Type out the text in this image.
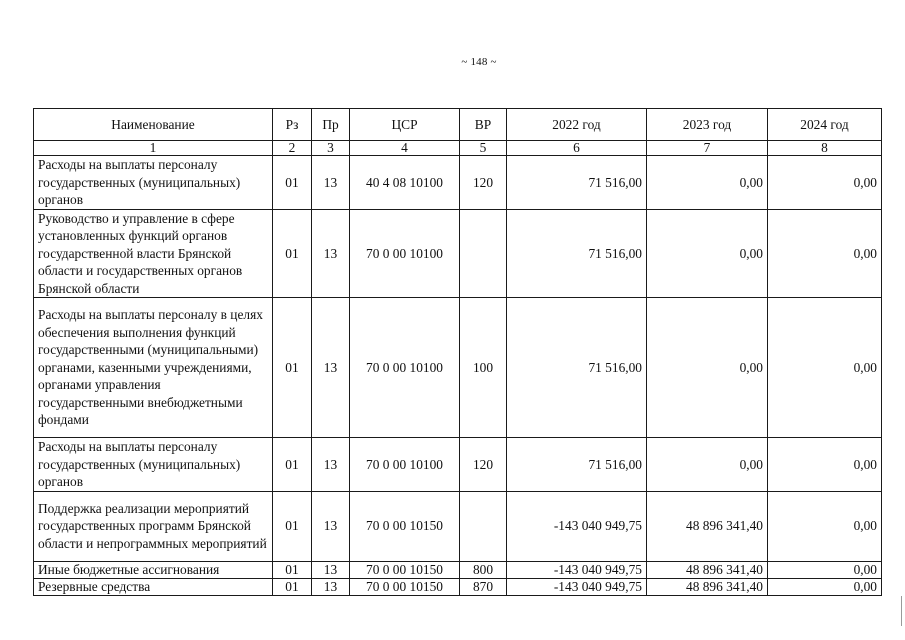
~ 148 ~
Наименование	Рз	Пр	ЦСР	ВР	2022 год	2023 год	2024 год
1	2	3	4	5	6	7	8
Расходы на выплаты персоналу государственных (муниципальных) органов	01	13	40 4 08 10100	120	71 516,00	0,00	0,00
Руководство и управление в сфере установленных функций органов государственной власти Брянской области и государственных органов Брянской области	01	13	70 0 00 10100		71 516,00	0,00	0,00
Расходы на выплаты персоналу в целях обеспечения выполнения функций государственными (муниципальными) органами, казенными учреждениями, органами управления государственными внебюджетными фондами	01	13	70 0 00 10100	100	71 516,00	0,00	0,00
Расходы на выплаты персоналу государственных (муниципальных) органов	01	13	70 0 00 10100	120	71 516,00	0,00	0,00
Поддержка реализации мероприятий государственных программ Брянской области и непрограммных мероприятий	01	13	70 0 00 10150		-143 040 949,75	48 896 341,40	0,00
Иные бюджетные ассигнования	01	13	70 0 00 10150	800	-143 040 949,75	48 896 341,40	0,00
Резервные средства	01	13	70 0 00 10150	870	-143 040 949,75	48 896 341,40	0,00
